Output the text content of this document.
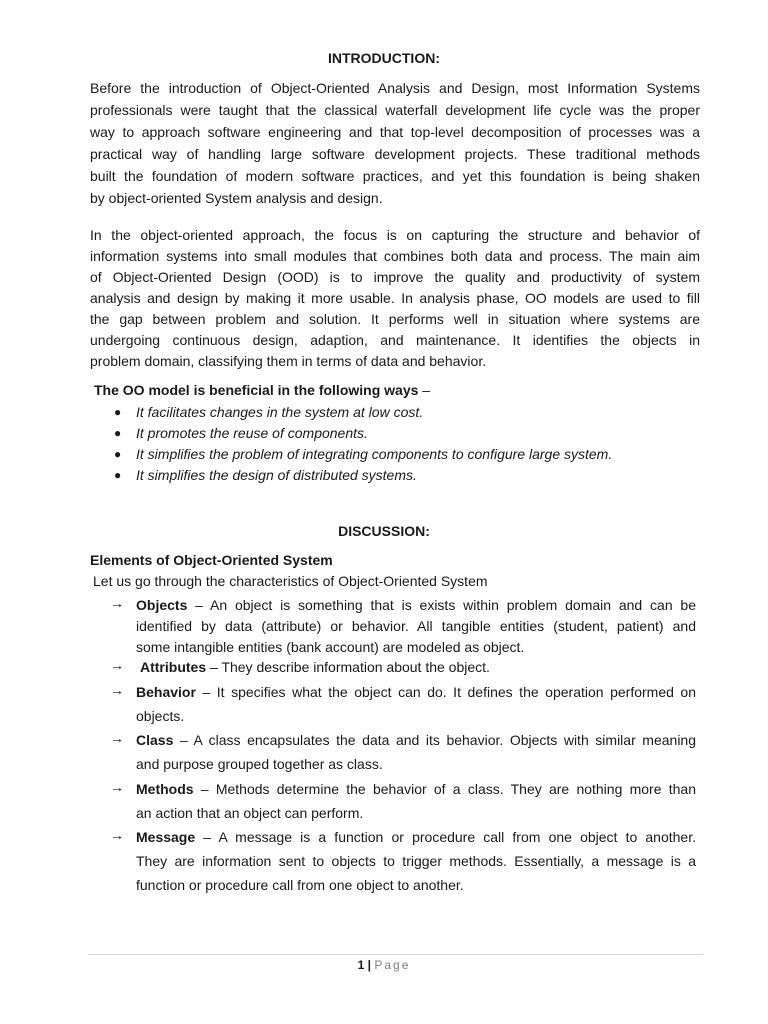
INTRODUCTION:
Before the introduction of Object-Oriented Analysis and Design, most Information Systems
professionals were taught that the classical waterfall development life cycle was the proper
way to approach software engineering and that top-level decomposition of processes was a
practical way of handling large software development projects. These traditional methods
built the foundation of modern software practices, and yet this foundation is being shaken
by object-oriented System analysis and design.
In the object-oriented approach, the focus is on capturing the structure and behavior of
information systems into small modules that combines both data and process. The main aim
of Object-Oriented Design (OOD) is to improve the quality and productivity of system
analysis and design by making it more usable. In analysis phase, OO models are used to fill
the gap between problem and solution. It performs well in situation where systems are
undergoing continuous design, adaption, and maintenance. It identifies the objects in
problem domain, classifying them in terms of data and behavior.
The OO model is beneficial in the following ways –
● It facilitates changes in the system at low cost.
● It promotes the reuse of components.
● It simplifies the problem of integrating components to configure large system.
● It simplifies the design of distributed systems.
DISCUSSION:
Elements of Object-Oriented System
Let us go through the characteristics of Object-Oriented System
→ Objects – An object is something that is exists within problem domain and can be
identified by data (attribute) or behavior. All tangible entities (student, patient) and
some intangible entities (bank account) are modeled as object.
→	Attributes – They describe information about the object.
→ Behavior – It specifies what the object can do. It defines the operation performed on
objects.
→ Class – A class encapsulates the data and its behavior. Objects with similar meaning
and purpose grouped together as class.
→ Methods – Methods determine the behavior of a class. They are nothing more than
an action that an object can perform.
→ Message – A message is a function or procedure call from one object to another.
They are information sent to objects to trigger methods. Essentially, a message is a
function or procedure call from one object to another.
1 | Page
